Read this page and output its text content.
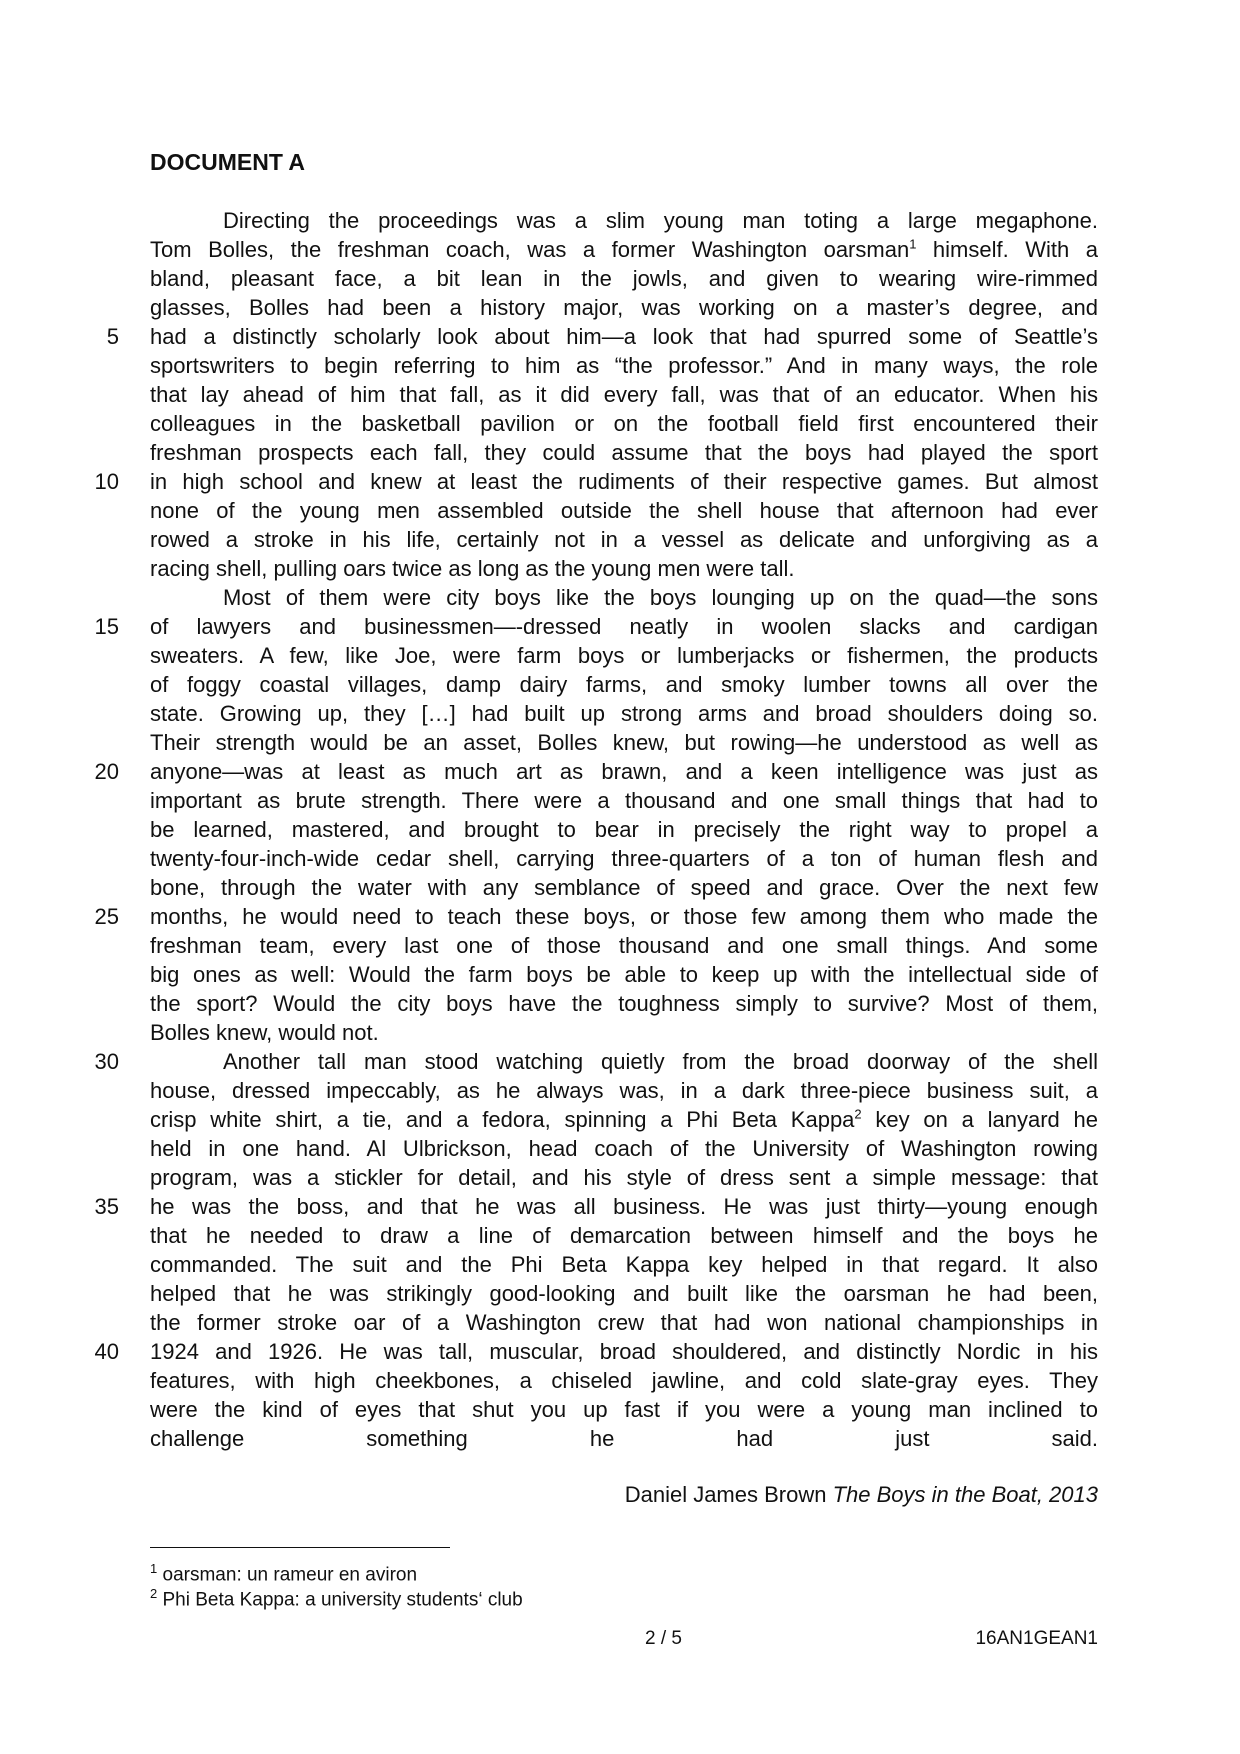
DOCUMENT A
5
10
15
20
25
30
35
40
Directing the proceedings was a slim young man toting a large megaphone.
Tom Bolles, the freshman coach, was a former Washington oarsman$^1$ himself. With a
bland, pleasant face, a bit lean in the jowls, and given to wearing wire-rimmed
glasses, Bolles had been a history major, was working on a master’s degree, and
had a distinctly scholarly look about him—a look that had spurred some of Seattle’s
sportswriters to begin referring to him as “the professor.” And in many ways, the role
that lay ahead of him that fall, as it did every fall, was that of an educator. When his
colleagues in the basketball pavilion or on the football field first encountered their
freshman prospects each fall, they could assume that the boys had played the sport
in high school and knew at least the rudiments of their respective games. But almost
none of the young men assembled outside the shell house that afternoon had ever
rowed a stroke in his life, certainly not in a vessel as delicate and unforgiving as a
racing shell, pulling oars twice as long as the young men were tall.
Most of them were city boys like the boys lounging up on the quad—the sons
of lawyers and businessmen—-dressed neatly in woolen slacks and cardigan
sweaters. A few, like Joe, were farm boys or lumberjacks or fishermen, the products
of foggy coastal villages, damp dairy farms, and smoky lumber towns all over the
state. Growing up, they […] had built up strong arms and broad shoulders doing so.
Their strength would be an asset, Bolles knew, but rowing—he understood as well as
anyone—was at least as much art as brawn, and a keen intelligence was just as
important as brute strength. There were a thousand and one small things that had to
be learned, mastered, and brought to bear in precisely the right way to propel a
twenty-four-inch-wide cedar shell, carrying three-quarters of a ton of human flesh and
bone, through the water with any semblance of speed and grace. Over the next few
months, he would need to teach these boys, or those few among them who made the
freshman team, every last one of those thousand and one small things. And some
big ones as well: Would the farm boys be able to keep up with the intellectual side of
the sport? Would the city boys have the toughness simply to survive? Most of them,
Bolles knew, would not.
Another tall man stood watching quietly from the broad doorway of the shell
house, dressed impeccably, as he always was, in a dark three-piece business suit, a
crisp white shirt, a tie, and a fedora, spinning a Phi Beta Kappa$^2$ key on a lanyard he
held in one hand. Al Ulbrickson, head coach of the University of Washington rowing
program, was a stickler for detail, and his style of dress sent a simple message: that
he was the boss, and that he was all business. He was just thirty—young enough
that he needed to draw a line of demarcation between himself and the boys he
commanded. The suit and the Phi Beta Kappa key helped in that regard. It also
helped that he was strikingly good-looking and built like the oarsman he had been,
the former stroke oar of a Washington crew that had won national championships in
1924 and 1926. He was tall, muscular, broad shouldered, and distinctly Nordic in his
features, with high cheekbones, a chiseled jawline, and cold slate-gray eyes. They
were the kind of eyes that shut you up fast if you were a young man inclined to
challenge something he had just said.
Daniel James Brown The Boys in the Boat, 2013
$^1$ oarsman: un rameur en aviron
$^2$ Phi Beta Kappa: a university students‘ club
2 / 5	16AN1GEAN1
